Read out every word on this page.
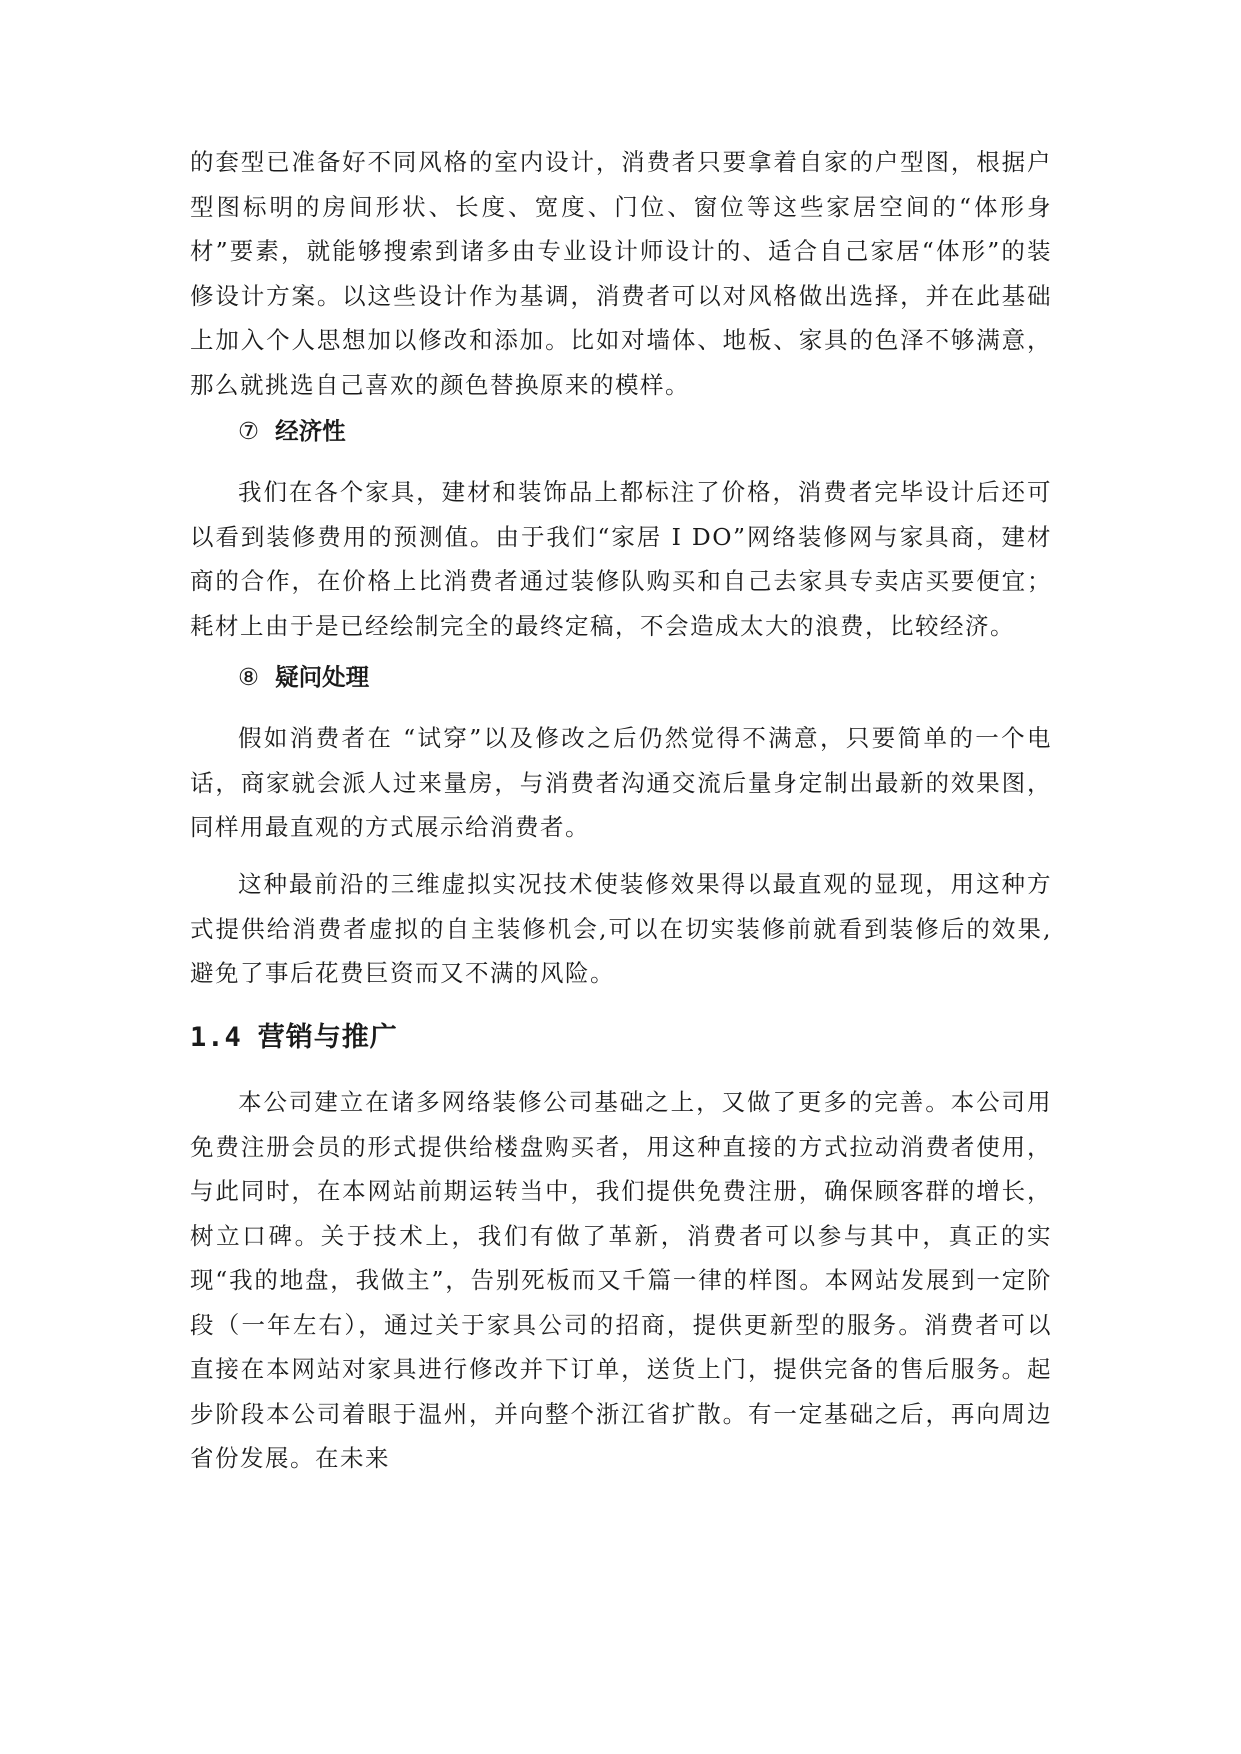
的套型已准备好不同风格的室内设计，消费者只要拿着自家的户型图，根据户型图标明的房间形状、长度、宽度、门位、窗位等这些家居空间的“体形身材”要素，就能够搜索到诸多由专业设计师设计的、适合自己家居“体形”的装修设计方案。以这些设计作为基调，消费者可以对风格做出选择，并在此基础上加入个人思想加以修改和添加。比如对墙体、地板、家具的色泽不够满意，那么就挑选自己喜欢的颜色替换原来的模样。

⑦ 经济性

我们在各个家具，建材和装饰品上都标注了价格，消费者完毕设计后还可以看到装修费用的预测值。由于我们“家居 I DO”网络装修网与家具商，建材商的合作，在价格上比消费者通过装修队购买和自己去家具专卖店买要便宜；耗材上由于是已经绘制完全的最终定稿，不会造成太大的浪费，比较经济。

⑧ 疑问处理

假如消费者在 “试穿”以及修改之后仍然觉得不满意，只要简单的一个电话，商家就会派人过来量房，与消费者沟通交流后量身定制出最新的效果图，同样用最直观的方式展示给消费者。

这种最前沿的三维虚拟实况技术使装修效果得以最直观的显现，用这种方式提供给消费者虚拟的自主装修机会,可以在切实装修前就看到装修后的效果,避免了事后花费巨资而又不满的风险。

1.4 营销与推广

本公司建立在诸多网络装修公司基础之上，又做了更多的完善。本公司用免费注册会员的形式提供给楼盘购买者，用这种直接的方式拉动消费者使用，与此同时，在本网站前期运转当中，我们提供免费注册，确保顾客群的增长，树立口碑。关于技术上，我们有做了革新，消费者可以参与其中，真正的实现“我的地盘，我做主”，告别死板而又千篇一律的样图。本网站发展到一定阶段（一年左右），通过关于家具公司的招商，提供更新型的服务。消费者可以直接在本网站对家具进行修改并下订单，送货上门，提供完备的售后服务。起步阶段本公司着眼于温州，并向整个浙江省扩散。有一定基础之后，再向周边省份发展。在未来
